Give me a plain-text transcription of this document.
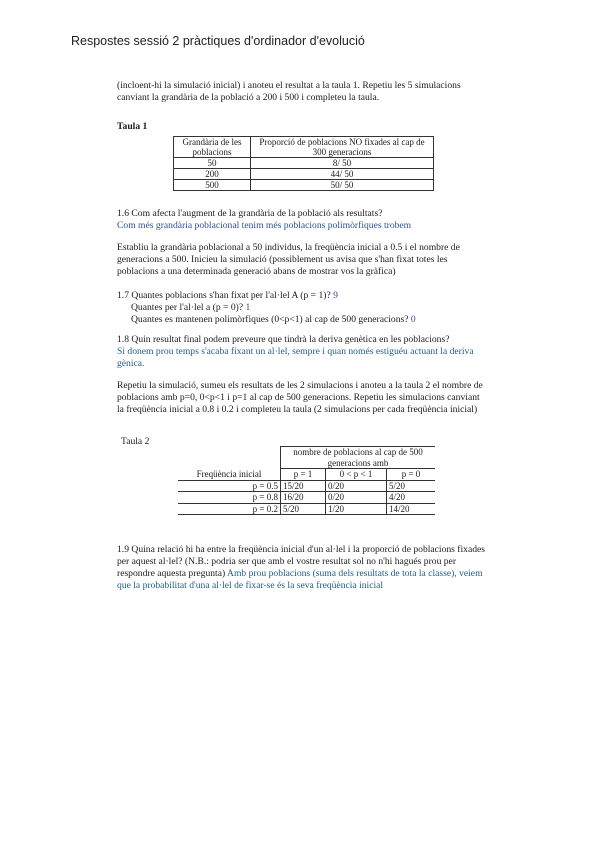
Respostes sessió 2 pràctiques d'ordinador d'evolució
(incloent-hi la simulació inicial) i anoteu el resultat a la taula 1. Repetiu les 5 simulacions canviant la grandària de la població a 200 i 500 i completeu la taula.
Taula 1
Grandària de les poblacions	Proporció de poblacions NO fixades al cap de 300 generacions
50	8/ 50
200	44/ 50
500	50/ 50
1.6 Com afecta l'augment de la grandària de la població als resultats?
Com més grandària poblacional tenim més poblacions polimòrfiques trobem
Establiu la grandària poblacional a 50 individus, la freqüència inicial a 0.5 i el nombre de generacions a 500. Inicieu la simulació (possiblement us avisa que s'han fixat totes les poblacions a una determinada generació abans de mostrar vos la gràfica)
1.7 Quantes poblacions s'han fixat per l'al·lel A (p = 1)? 9
Quantes per l'al·lel a (p = 0)? 1
Quantes es mantenen polimòrfiques (0<p<1) al cap de 500 generacions? 0
1.8 Quin resultat final podem preveure que tindrà la deriva genètica en les poblacions?
Si donem prou temps s'acaba fixant un al·lel, sempre i quan només estiguéu actuant la deriva gènica.
Repetiu la simulació, sumeu els resultats de les 2 simulacions i anoteu a la taula 2 el nombre de poblacions amb p=0, 0<p<1 i p=1 al cap de 500 generacions. Repetiu les simulacions canviant la freqüència inicial a 0.8 i 0.2 i completeu la taula (2 simulacions per cada freqüència inicial)
Taula 2
	nombre de poblacions al cap de 500 generacions amb		
Freqüència inicial	p = 1	0 < p < 1	p = 0
p = 0.5	15/20	0/20	5/20
p = 0.8	16/20	0/20	4/20
p = 0.2	5/20	1/20	14/20
1.9 Quina relació hi ha entre la freqüència inicial d'un al·lel i la proporció de poblacions fixades per aquest al·lel? (N.B.: podria ser que amb el vostre resultat sol no n'hi hagués prou per respondre aquesta pregunta) Amb prou poblacions (suma dels resultats de tota la classe), veiem que la probabilitat d'una al·lel de fixar-se és la seva freqüència inicial
